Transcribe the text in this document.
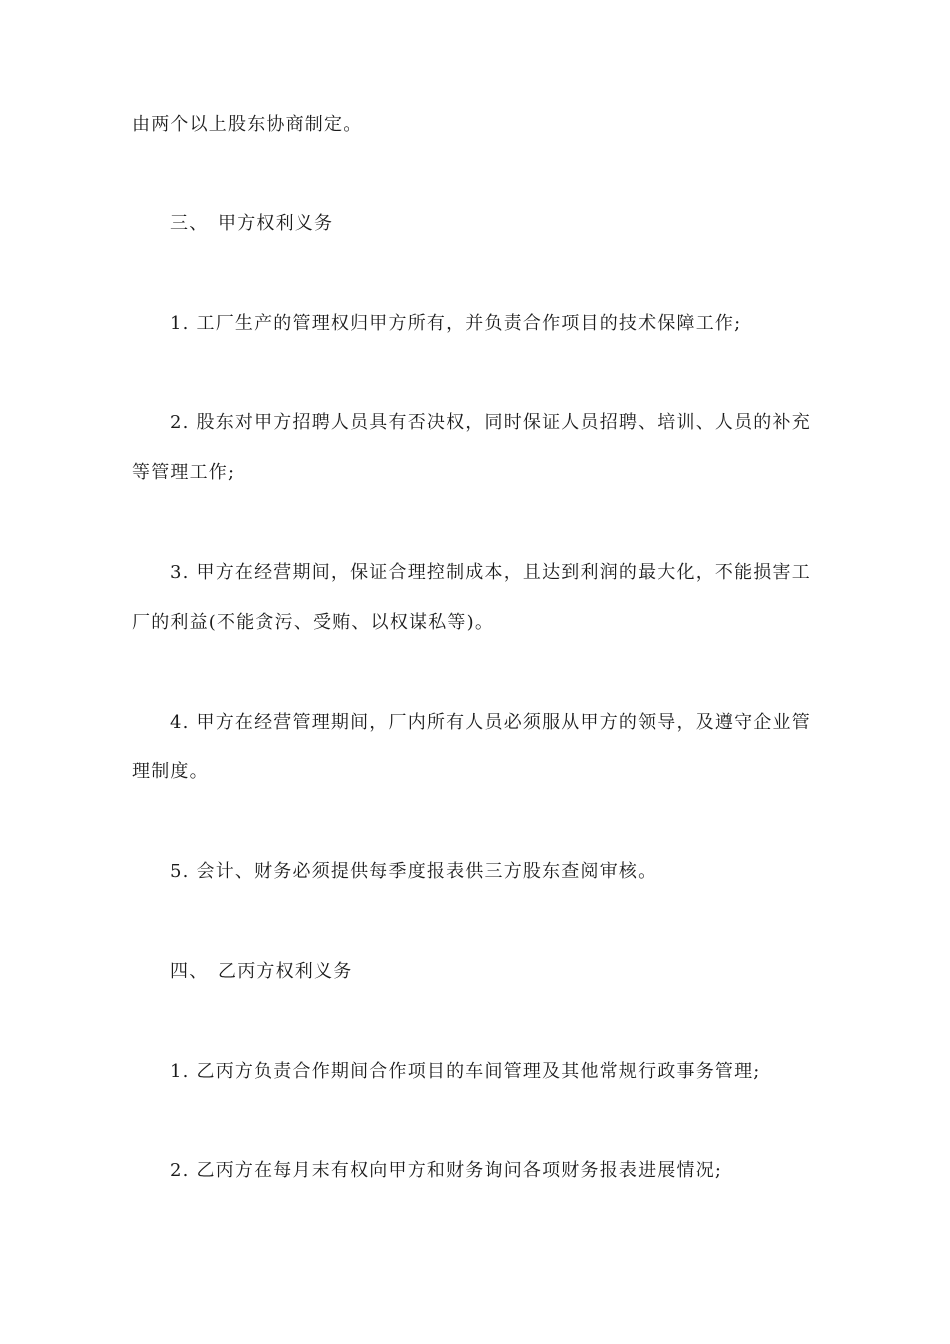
由两个以上股东协商制定。
三、 甲方权利义务
1. 工厂生产的管理权归甲方所有，并负责合作项目的技术保障工作;
2. 股东对甲方招聘人员具有否决权，同时保证人员招聘、培训、人员的补充
等管理工作;
3. 甲方在经营期间，保证合理控制成本，且达到利润的最大化，不能损害工
厂的利益(不能贪污、受贿、以权谋私等)。
4. 甲方在经营管理期间，厂内所有人员必须服从甲方的领导，及遵守企业管
理制度。
5. 会计、财务必须提供每季度报表供三方股东查阅审核。
四、 乙丙方权利义务
1. 乙丙方负责合作期间合作项目的车间管理及其他常规行政事务管理;
2. 乙丙方在每月末有权向甲方和财务询问各项财务报表进展情况;
